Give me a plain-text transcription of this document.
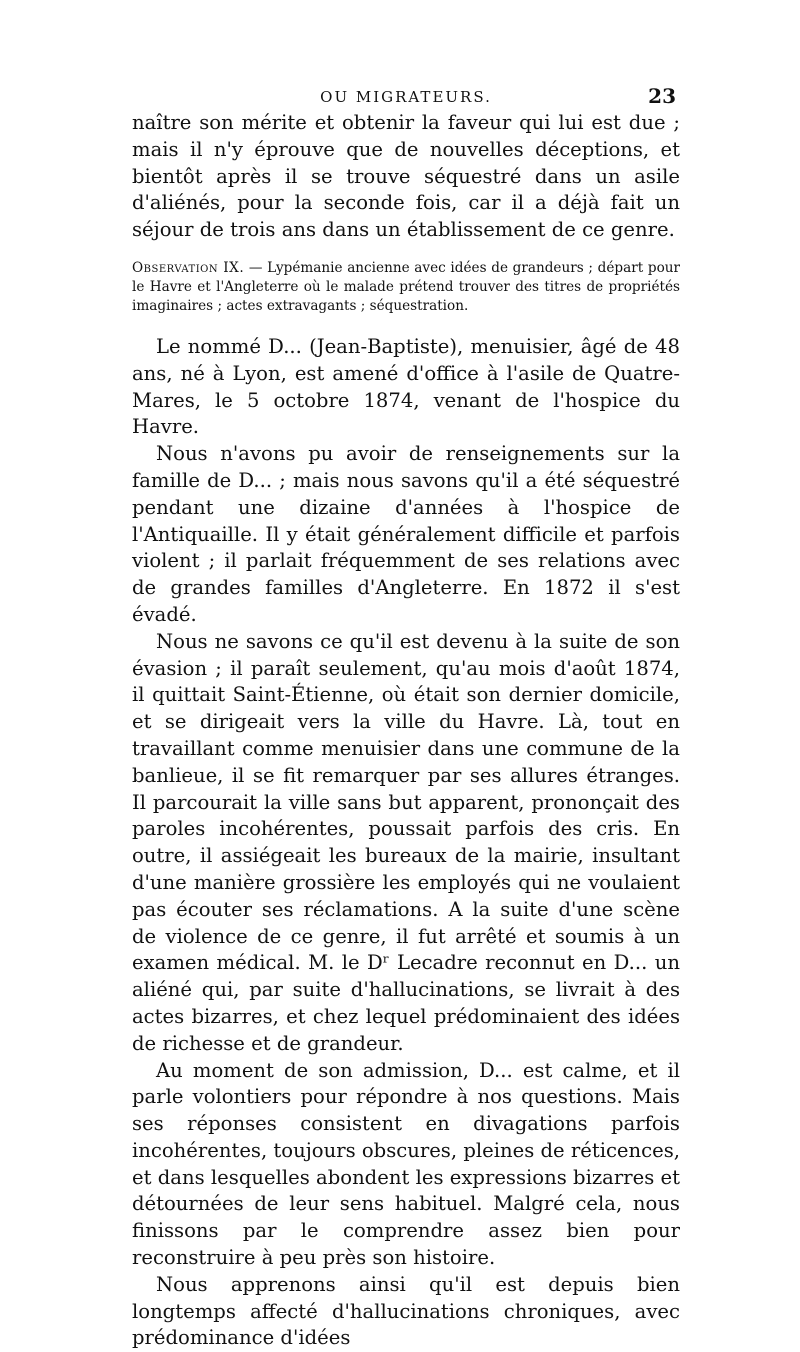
OU MIGRATEURS.	23

naître son mérite et obtenir la faveur qui lui est due ; mais il n'y éprouve que de nouvelles déceptions, et bientôt après il se trouve séquestré dans un asile d'aliénés, pour la seconde fois, car il a déjà fait un séjour de trois ans dans un établissement de ce genre.

Observation IX. — Lypémanie ancienne avec idées de grandeurs ; départ pour le Havre et l'Angleterre où le malade prétend trouver des titres de propriétés imaginaires ; actes extravagants ; séquestration.

Le nommé D... (Jean-Baptiste), menuisier, âgé de 48 ans, né à Lyon, est amené d'office à l'asile de Quatre-Mares, le 5 octobre 1874, venant de l'hospice du Havre.

Nous n'avons pu avoir de renseignements sur la famille de D... ; mais nous savons qu'il a été séquestré pendant une dizaine d'années à l'hospice de l'Antiquaille. Il y était généralement difficile et parfois violent ; il parlait fréquemment de ses relations avec de grandes familles d'Angleterre. En 1872 il s'est évadé.

Nous ne savons ce qu'il est devenu à la suite de son évasion ; il paraît seulement, qu'au mois d'août 1874, il quittait Saint-Étienne, où était son dernier domicile, et se dirigeait vers la ville du Havre. Là, tout en travaillant comme menuisier dans une commune de la banlieue, il se fit remarquer par ses allures étranges. Il parcourait la ville sans but apparent, prononçait des paroles incohérentes, poussait parfois des cris. En outre, il assiégeait les bureaux de la mairie, insultant d'une manière grossière les employés qui ne voulaient pas écouter ses réclamations. A la suite d'une scène de violence de ce genre, il fut arrêté et soumis à un examen médical. M. le Dʳ Lecadre reconnut en D... un aliéné qui, par suite d'hallucinations, se livrait à des actes bizarres, et chez lequel prédominaient des idées de richesse et de grandeur.

Au moment de son admission, D... est calme, et il parle volontiers pour répondre à nos questions. Mais ses réponses consistent en divagations parfois incohérentes, toujours obscures, pleines de réticences, et dans lesquelles abondent les expressions bizarres et détournées de leur sens habituel. Malgré cela, nous finissons par le comprendre assez bien pour reconstruire à peu près son histoire.

Nous apprenons ainsi qu'il est depuis bien longtemps affecté d'hallucinations chroniques, avec prédominance d'idées
